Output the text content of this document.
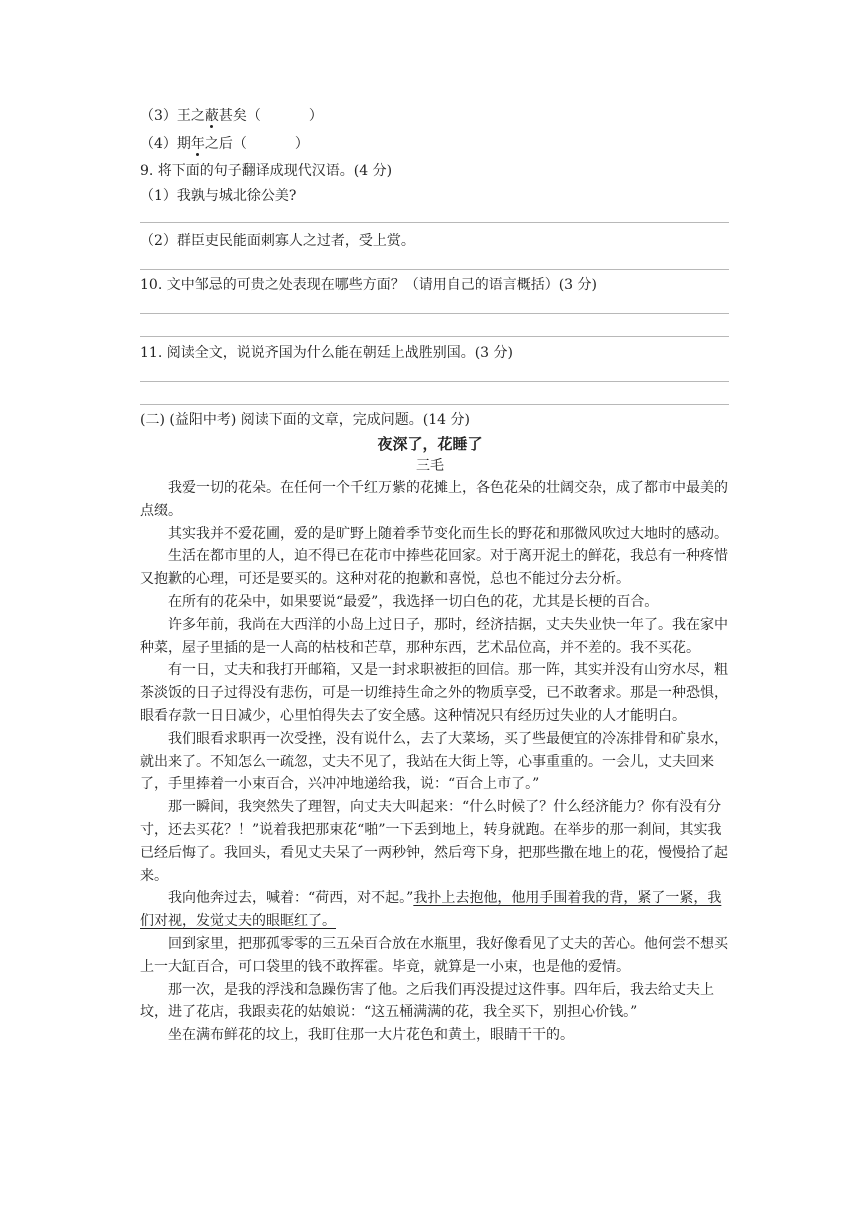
（3）王之蔽甚矣（	）
（4）期年之后（	）
9. 将下面的句子翻译成现代汉语。(4 分)
（1）我孰与城北徐公美?
（2）群臣吏民能面刺寡人之过者，受上赏。
10. 文中邹忌的可贵之处表现在哪些方面？（请用自己的语言概括）(3 分)
11. 阅读全文，说说齐国为什么能在朝廷上战胜别国。(3 分)
(二) (益阳中考) 阅读下面的文章，完成问题。(14 分)
夜深了，花睡了
三毛

我爱一切的花朵。在任何一个千红万紫的花摊上，各色花朵的壮阔交杂，成了都市中最美的点缀。

其实我并不爱花圃，爱的是旷野上随着季节变化而生长的野花和那微风吹过大地时的感动。

生活在都市里的人，迫不得已在花市中捧些花回家。对于离开泥土的鲜花，我总有一种疼惜又抱歉的心理，可还是要买的。这种对花的抱歉和喜悦，总也不能过分去分析。

在所有的花朵中，如果要说“最爱”，我选择一切白色的花，尤其是长梗的百合。

许多年前，我尚在大西洋的小岛上过日子，那时，经济拮据，丈夫失业快一年了。我在家中种菜，屋子里插的是一人高的枯枝和芒草，那种东西，艺术品位高，并不差的。我不买花。

有一日，丈夫和我打开邮箱，又是一封求职被拒的回信。那一阵，其实并没有山穷水尽，粗茶淡饭的日子过得没有悲伤，可是一切维持生命之外的物质享受，已不敢奢求。那是一种恐惧，眼看存款一日日减少，心里怕得失去了安全感。这种情况只有经历过失业的人才能明白。

我们眼看求职再一次受挫，没有说什么，去了大菜场，买了些最便宜的冷冻排骨和矿泉水，就出来了。不知怎么一疏忽，丈夫不见了，我站在大街上等，心事重重的。一会儿，丈夫回来了，手里捧着一小束百合，兴冲冲地递给我，说：“百合上市了。”

那一瞬间，我突然失了理智，向丈夫大叫起来：“什么时候了？什么经济能力？你有没有分寸，还去买花？！”说着我把那束花“啪”一下丢到地上，转身就跑。在举步的那一刹间，其实我已经后悔了。我回头，看见丈夫呆了一两秒钟，然后弯下身，把那些撒在地上的花，慢慢拾了起来。

我向他奔过去，喊着：“荷西，对不起。”我扑上去抱他，他用手围着我的背，紧了一紧，我们对视，发觉丈夫的眼眶红了。

回到家里，把那孤零零的三五朵百合放在水瓶里，我好像看见了丈夫的苦心。他何尝不想买上一大缸百合，可口袋里的钱不敢挥霍。毕竟，就算是一小束，也是他的爱情。

那一次，是我的浮浅和急躁伤害了他。之后我们再没提过这件事。四年后，我去给丈夫上坟，进了花店，我跟卖花的姑娘说：“这五桶满满的花，我全买下，别担心价钱。”

坐在满布鲜花的坟上，我盯住那一大片花色和黄土，眼睛干干的。
